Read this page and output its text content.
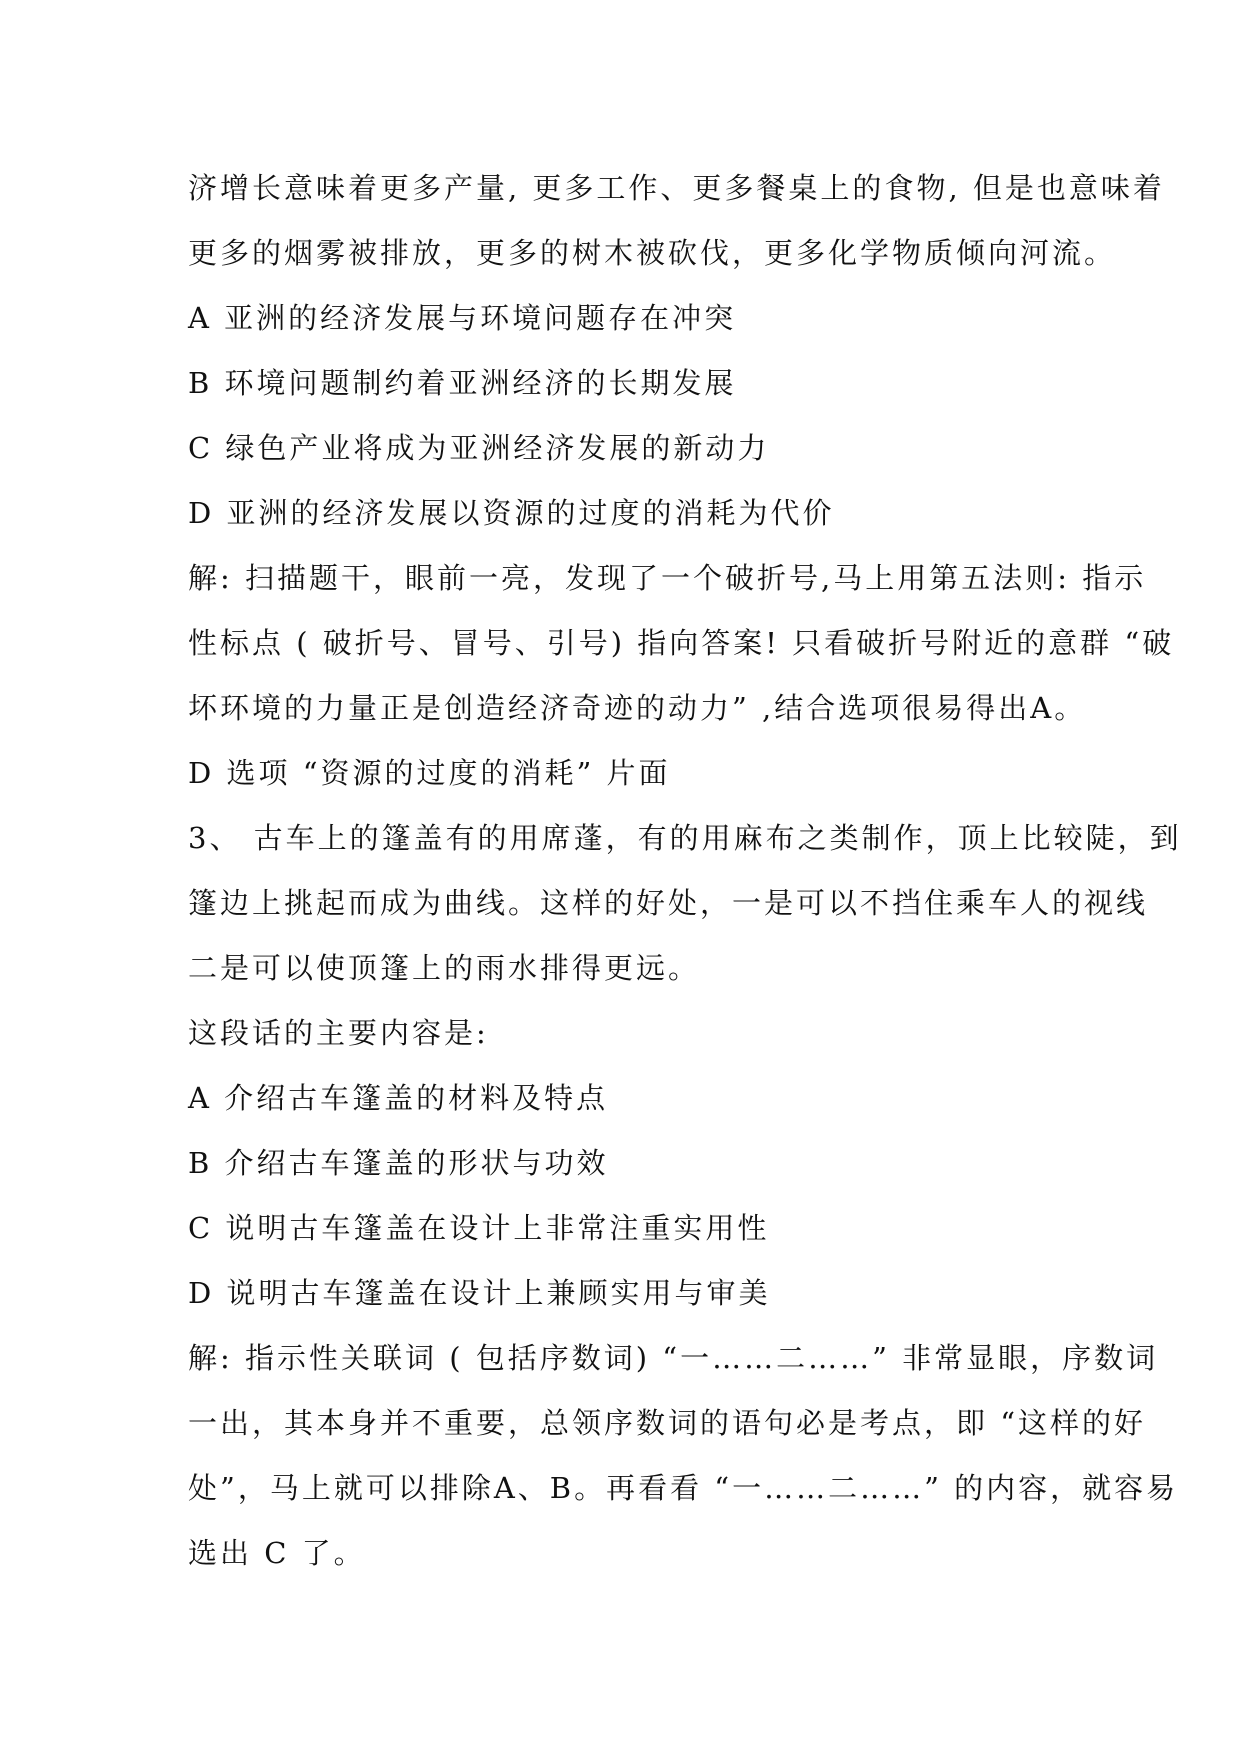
济增长意味着更多产量, 更多工作、更多餐桌上的食物, 但是也意味着
更多的烟雾被排放，更多的树木被砍伐，更多化学物质倾向河流。
A 亚洲的经济发展与环境问题存在冲突
B 环境问题制约着亚洲经济的长期发展
C 绿色产业将成为亚洲经济发展的新动力
D 亚洲的经济发展以资源的过度的消耗为代价
解: 扫描题干，眼前一亮，发现了一个破折号,马上用第五法则: 指示
性标点 ( 破折号、冒号、引号) 指向答案! 只看破折号附近的意群 “破
坏环境的力量正是创造经济奇迹的动力” ,结合选项很易得出A。
D 选项 “资源的过度的消耗” 片面
3、 古车上的篷盖有的用席蓬，有的用麻布之类制作，顶上比较陡，到
篷边上挑起而成为曲线。这样的好处，一是可以不挡住乘车人的视线
二是可以使顶篷上的雨水排得更远。
这段话的主要内容是:
A 介绍古车篷盖的材料及特点
B 介绍古车篷盖的形状与功效
C 说明古车篷盖在设计上非常注重实用性
D 说明古车篷盖在设计上兼顾实用与审美
解: 指示性关联词 ( 包括序数词) “一……二……” 非常显眼，序数词
一出，其本身并不重要，总领序数词的语句必是考点，即 “这样的好
处”，马上就可以排除A、B。再看看 “一……二……” 的内容，就容易
选出 C 了。
